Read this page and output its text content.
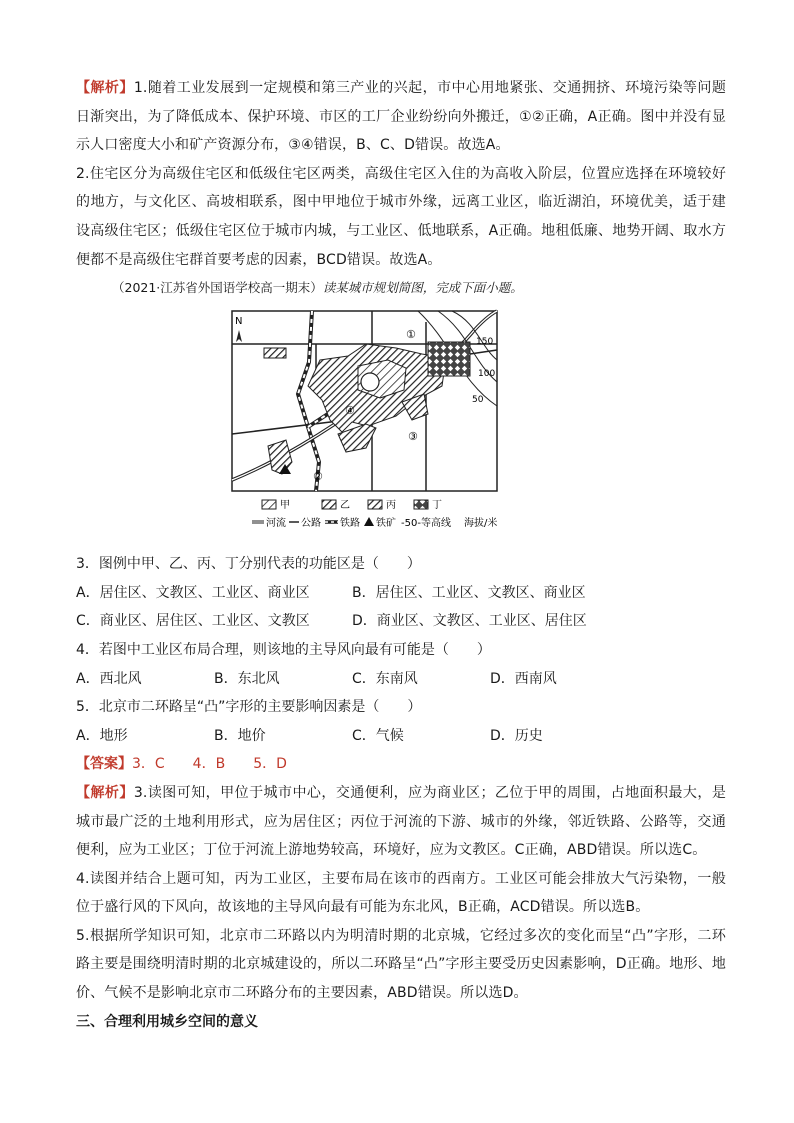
【解析】1.随着工业发展到一定规模和第三产业的兴起，市中心用地紧张、交通拥挤、环境污染等问题日渐突出，为了降低成本、保护环境、市区的工厂企业纷纷向外搬迁，①②正确，A正确。图中并没有显示人口密度大小和矿产资源分布，③④错误，B、C、D错误。故选A。

2.住宅区分为高级住宅区和低级住宅区两类，高级住宅区入住的为高收入阶层，位置应选择在环境较好的地方，与文化区、高坡相联系，图中甲地位于城市外缘，远离工业区，临近湖泊，环境优美，适于建设高级住宅区；低级住宅区位于城市内城，与工业区、低地联系，A正确。地租低廉、地势开阔、取水方便都不是高级住宅群首要考虑的因素，BCD错误。故选A。

（2021·江苏省外国语学校高一期末）读某城市规划简图，完成下面小题。

N
①
②
③
④
150
100
50
甲	乙	丙	丁
河流 公路 铁路 铁矿 -50-等高线 海拔/米

3．图例中甲、乙、丙、丁分别代表的功能区是（　　）

A．居住区、文教区、工业区、商业区	B．居住区、工业区、文教区、商业区
C．商业区、居住区、工业区、文教区	D．商业区、文教区、工业区、居住区

4．若图中工业区布局合理，则该地的主导风向最有可能是（　　）

A．西北风	B．东北风	C．东南风	D．西南风

5．北京市二环路呈“凸”字形的主要影响因素是（　　）

A．地形	B．地价	C．气候	D．历史

【答案】3．C　　4．B　　5．D

【解析】3.读图可知，甲位于城市中心，交通便利，应为商业区；乙位于甲的周围，占地面积最大，是城市最广泛的土地利用形式，应为居住区；丙位于河流的下游、城市的外缘，邻近铁路、公路等，交通便利，应为工业区；丁位于河流上游地势较高，环境好，应为文教区。C正确，ABD错误。所以选C。

4.读图并结合上题可知，丙为工业区，主要布局在该市的西南方。工业区可能会排放大气污染物，一般位于盛行风的下风向，故该地的主导风向最有可能为东北风，B正确，ACD错误。所以选B。

5.根据所学知识可知，北京市二环路以内为明清时期的北京城，它经过多次的变化而呈“凸”字形，二环路主要是围绕明清时期的北京城建设的，所以二环路呈“凸”字形主要受历史因素影响，D正确。地形、地价、气候不是影响北京市二环路分布的主要因素，ABD错误。所以选D。

三、合理利用城乡空间的意义
